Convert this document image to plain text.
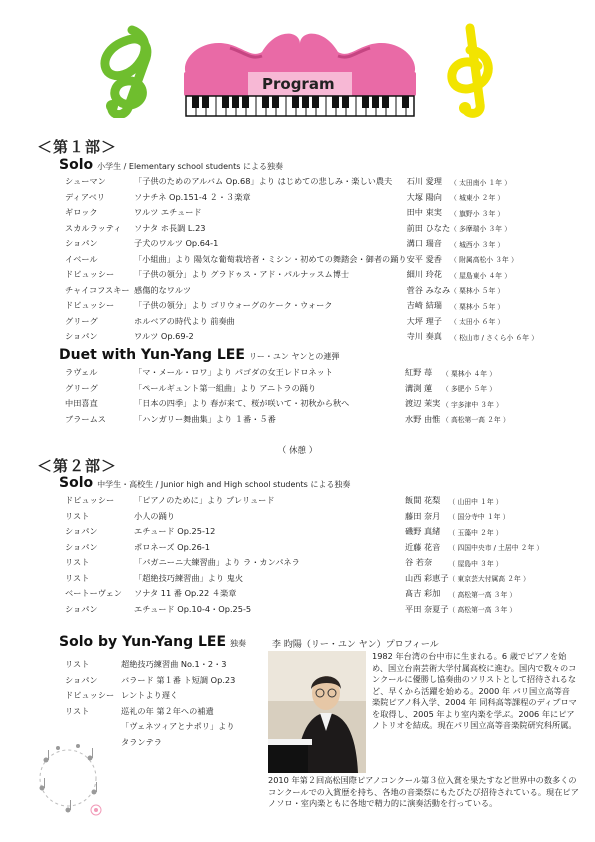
Program
＜第１部＞
Solo 小学生 / Elementary school students による独奏
シューマン	「子供のためのアルバム Op.68」より はじめての悲しみ・楽しい農夫	石川 愛理	（ 太田南小 １年 ）
ディアベリ	ソナチネ Op.151-4 ２・３楽章	大塚 陽向	（ 城東小 ２年 ）
ギロック	ワルツ エチュード	田中 束実	（ 旗野小 ３年 ）
スカルラッティ	ソナタ ホ長調 L.23	前田 ひなた	（ 多摩瑞小 ３年 ）
ショパン	子犬のワルツ Op.64-1	溝口 瑞音	（ 城西小 ３年 ）
イベール	「小組曲」より 陽気な葡萄栽培者・ミシン・初めての舞踏会・御者の踊り	安平 愛香	（ 附属高松小 ３年 ）
ドビュッシー	「子供の領分」より グラドゥス・アド・パルナッスム博士	細川 玲花	（ 屋島東小 ４年 ）
チャイコフスキー	感傷的なワルツ	菅谷 みなみ	（ 栗林小 ５年 ）
ドビュッシー	「子供の領分」より ゴリウォーグのケーク・ウォーク	吉崎 結瑞	（ 栗林小 ５年 ）
グリーグ	ホルベアの時代より 前奏曲	大坪 理子	（ 太田小 ６年 ）
ショパン	ワルツ Op.69-2	寺川 奏真	（ 松山市 / さくら小 ６年 ）
Duet with Yun-Yang LEE リー・ユン ヤンとの連弾
ラヴェル	「マ・メール・ロワ」より パゴダの女王レドロネット	紅野 苺	（ 栗林小 ４年 ）
グリーグ	「ペールギュント第一組曲」より アニトラの踊り	溝渕 蓮	（ 多肥小 ５年 ）
中田喜直	「日本の四季」より 春が来て、桜が咲いて・初秋から秋へ	渡辺 茉実	（ 宇多津中 ３年 ）
ブラームス	「ハンガリー舞曲集」より １番・５番	水野 由惟	（ 高松第一高 ２年 ）
（ 休憩 ）
＜第２部＞
Solo 中学生・高校生 / Junior high and High school students による独奏
ドビュッシー	「ピアノのために」より プレリュード	飯間 花梨	（ 山田中 １年 ）
リスト	小人の踊り	藤田 奈月	（ 国分寺中 １年 ）
ショパン	エチュード Op.25-12	磯野 真緒	（ 玉藻中 ２年 ）
ショパン	ポロネーズ Op.26-1	近藤 花音	（ 四国中央市 / 土居中 ２年 ）
リスト	「パガニーニ大練習曲」より ラ・カンパネラ	谷 若奈	（ 屋島中 ３年 ）
リスト	「超絶技巧練習曲」より 鬼火	山西 彩恵子	（ 東京芸大付属高 ２年 ）
ベートーヴェン	ソナタ 11 番 Op.22 ４楽章	髙吉 彩加	（ 高松第一高 ３年 ）
ショパン	エチュード Op.10-4・Op.25-5	平田 奈夏子	（ 高松第一高 ３年 ）
Solo by Yun-Yang LEE 独奏
リスト	超絶技巧練習曲 No.1・2・3
ショパン	バラード 第１番 ト短調 Op.23
ドビュッシー レントより遅く
リスト	巡礼の年 第２年への補遺
「ヴェネツィアとナポリ」より
タランテラ
李 昀陽（リー・ユン ヤン）プロフィール
1982 年台湾の台中市に生まれる。6 歳でピアノを始め、国立台南芸術大学付属高校に進む。国内で数々のコンクールに優勝し協奏曲のソリストとして招待されるなど、早くから活躍を始める。2000 年 パリ国立高等音楽院ピアノ科入学、2004 年 同科高等課程のディプロマを取得し、2005 年より室内楽を学ぶ。2006 年にピアノトリオを結成。現在パリ国立高等音楽院研究科所属。
2010 年第２回高松国際ピアノコンクール第３位入賞を果たすなど世界中の数多くのコンクールでの入賞歴を持ち、各地の音楽祭にもたびたび招待されている。現在ピアノソロ・室内楽ともに各地で精力的に演奏活動を行っている。
